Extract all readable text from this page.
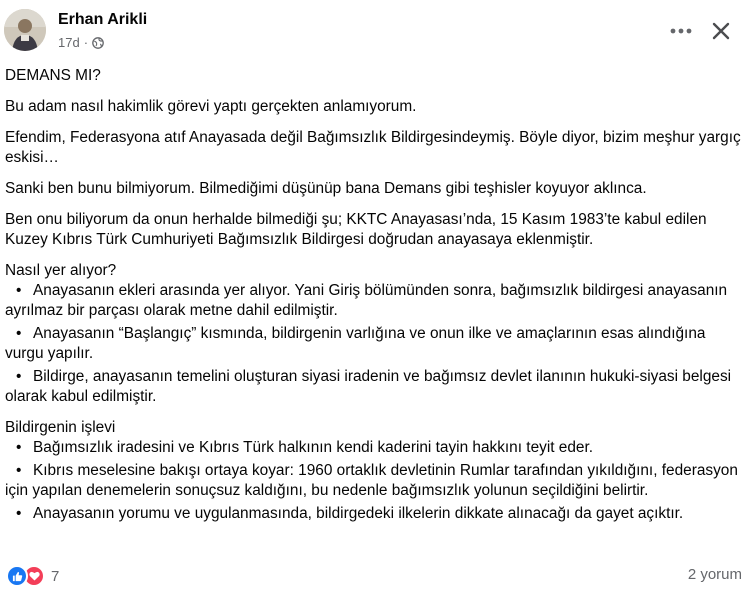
Erhan Arikli
17d ·

DEMANS MI?

Bu adam nasıl hakimlik görevi yaptı gerçekten anlamıyorum.

Efendim, Federasyona atıf Anayasada değil Bağımsızlık Bildirgesindeymiş. Böyle diyor, bizim meşhur yargıç eskisi…

Sanki ben bunu bilmiyorum. Bilmediğimi düşünüp bana Demans gibi teşhisler koyuyor aklınca.

Ben onu biliyorum da onun herhalde bilmediği şu; KKTC Anayasası’nda, 15 Kasım 1983’te kabul edilen Kuzey Kıbrıs Türk Cumhuriyeti Bağımsızlık Bildirgesi doğrudan anayasaya eklenmiştir.

Nasıl yer alıyor?
• Anayasanın ekleri arasında yer alıyor. Yani Giriş bölümünden sonra, bağımsızlık bildirgesi anayasanın ayrılmaz bir parçası olarak metne dahil edilmiştir.
• Anayasanın “Başlangıç” kısmında, bildirgenin varlığına ve onun ilke ve amaçlarının esas alındığına vurgu yapılır.
• Bildirge, anayasanın temelini oluşturan siyasi iradenin ve bağımsız devlet ilanının hukuki-siyasi belgesi olarak kabul edilmiştir.
Bildirgenin işlevi
• Bağımsızlık iradesini ve Kıbrıs Türk halkının kendi kaderini tayin hakkını teyit eder.
• Kıbrıs meselesine bakışı ortaya koyar: 1960 ortaklık devletinin Rumlar tarafından yıkıldığını, federasyon için yapılan denemelerin sonuçsuz kaldığını, bu nedenle bağımsızlık yolunun seçildiğini belirtir.
• Anayasanın yorumu ve uygulanmasında, bildirgedeki ilkelerin dikkate alınacağı da gayet açıktır.
7	2 yorum
